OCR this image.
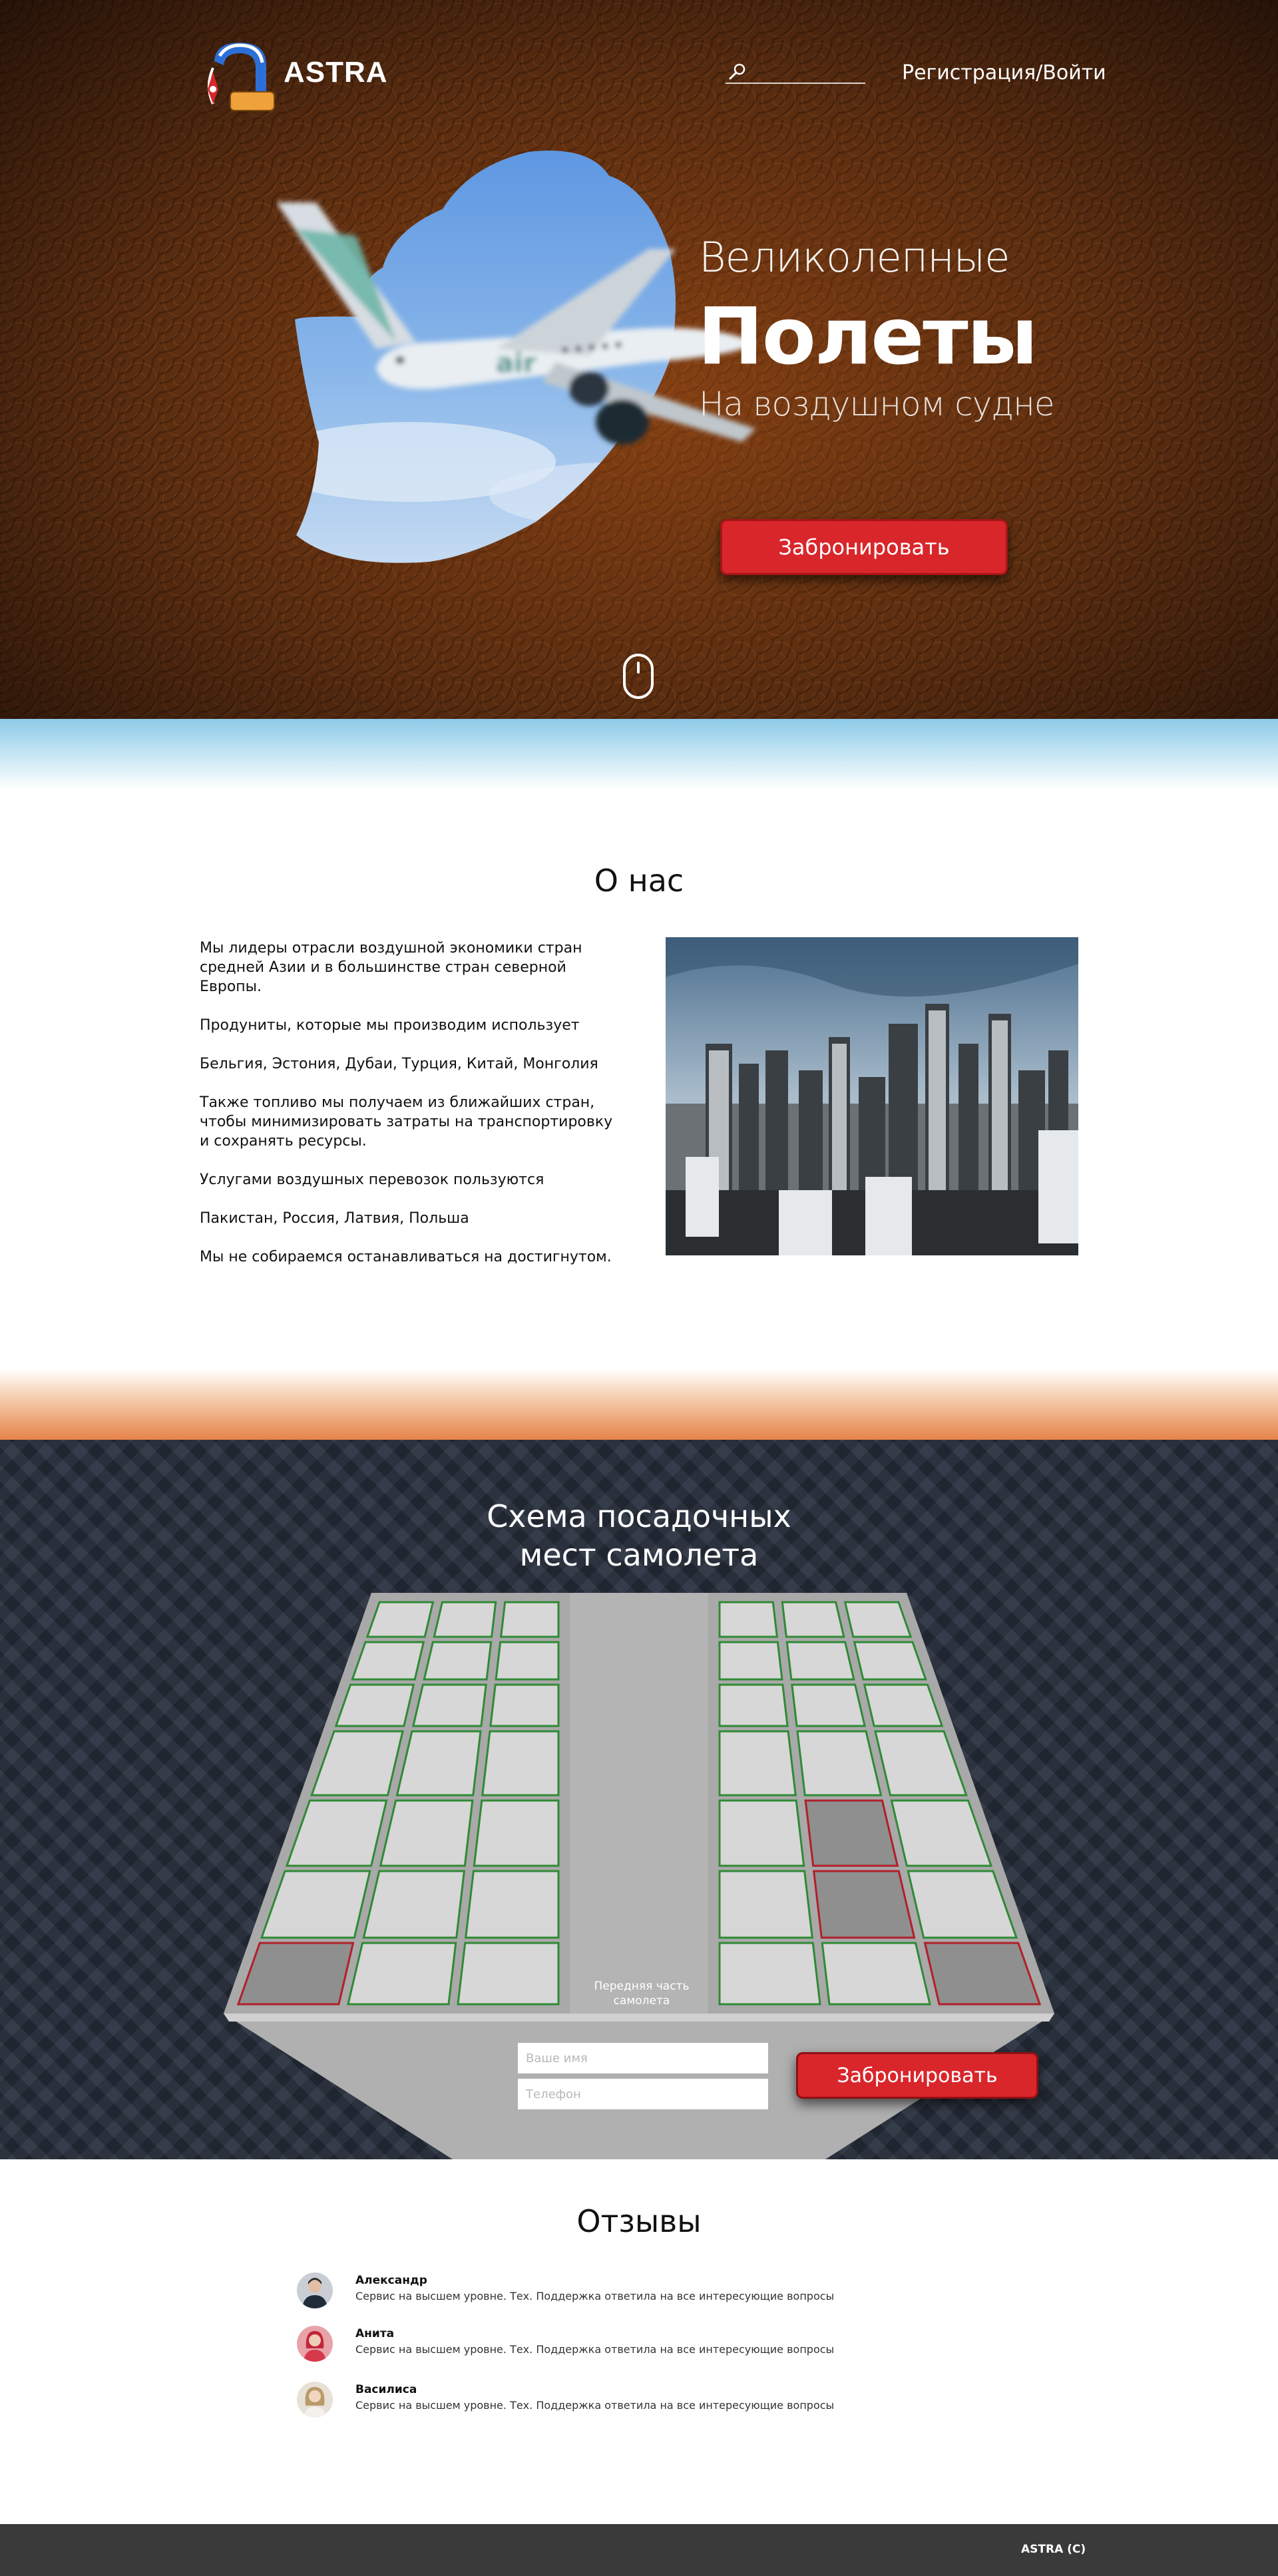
ASTRA	Регистрация/Войти
air
Великолепные
Полеты
На воздушном судне
Забронировать
О нас

Мы лидеры отрасли воздушной экономики стран средней Азии и в большинстве стран северной Европы.

Продуниты, которые мы производим использует

Бельгия, Эстония, Дубаи, Турция, Китай, Монголия

Также топливо мы получаем из ближайших стран, чтобы минимизировать затраты на транспортировку и сохранять ресурсы.

Услугами воздушных перевозок пользуются

Пакистан, Россия, Латвия, Польша

Мы не собираемся останавливаться на достигнутом.

Передняя часть
самолета
Схема посадочных
мест самолета
Ваше имя
Телефон
Забронировать
Отзывы
Александр
Сервис на высшем уровне. Тех. Поддержка ответила на все интересующие вопросы
Анита
Сервис на высшем уровне. Тех. Поддержка ответила на все интересующие вопросы
Василиса
Сервис на высшем уровне. Тех. Поддержка ответила на все интересующие вопросы
ASTRA (С)
